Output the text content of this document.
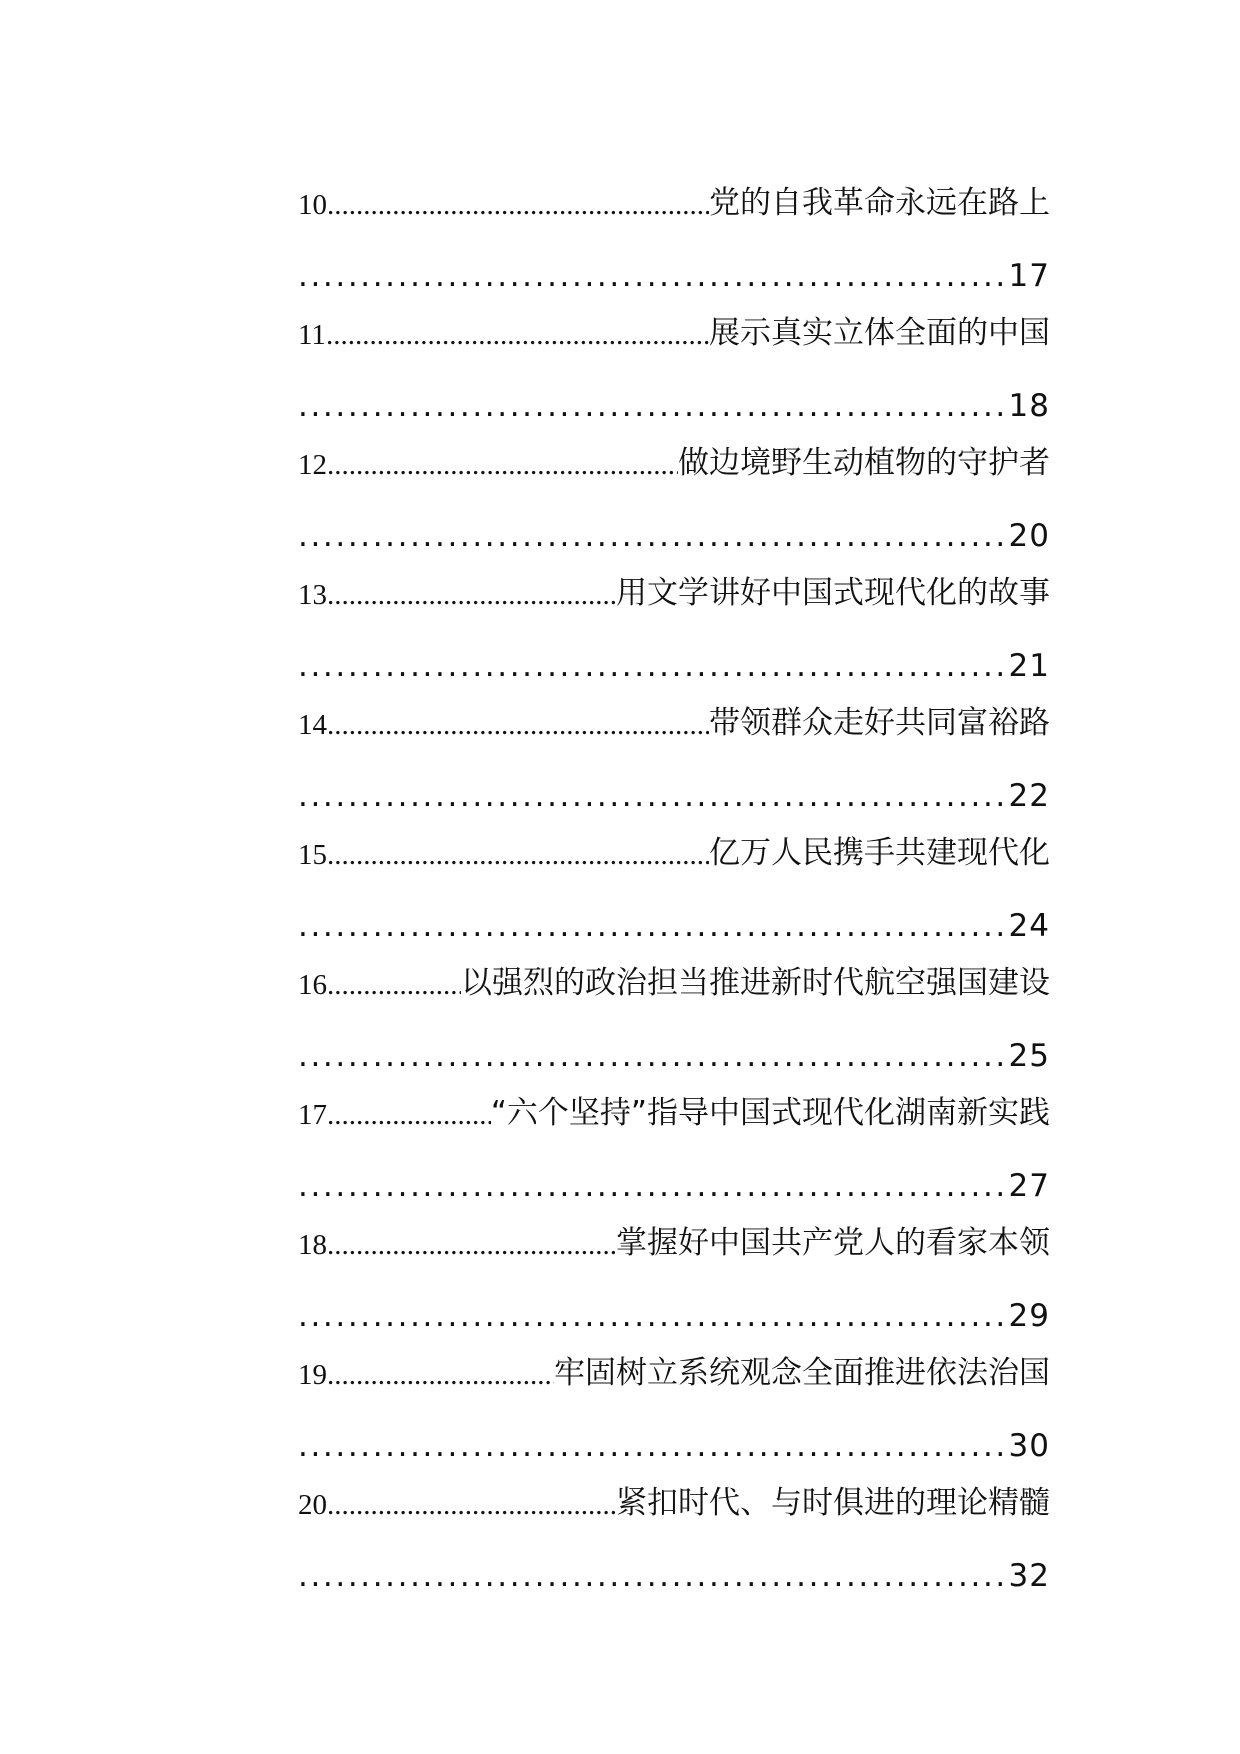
10 .....	党的自我革命永远在路上
.....
17
11 .....	展示真实立体全面的中国
.....
18
12 .....	做边境野生动植物的守护者
.....
20
13 .....	用文学讲好中国式现代化的故事
.....
21
14 .....	带领群众走好共同富裕路
.....
22
15 .....	亿万人民携手共建现代化
.....
24
16 .....	以强烈的政治担当推进新时代航空强国建设
.....
25
17 .....	“六个坚持”指导中国式现代化湖南新实践
.....
27
18 .....	掌握好中国共产党人的看家本领
.....
29
19 .....	牢固树立系统观念全面推进依法治国
.....
30
20 .....	紧扣时代、与时俱进的理论精髓
.....
32
